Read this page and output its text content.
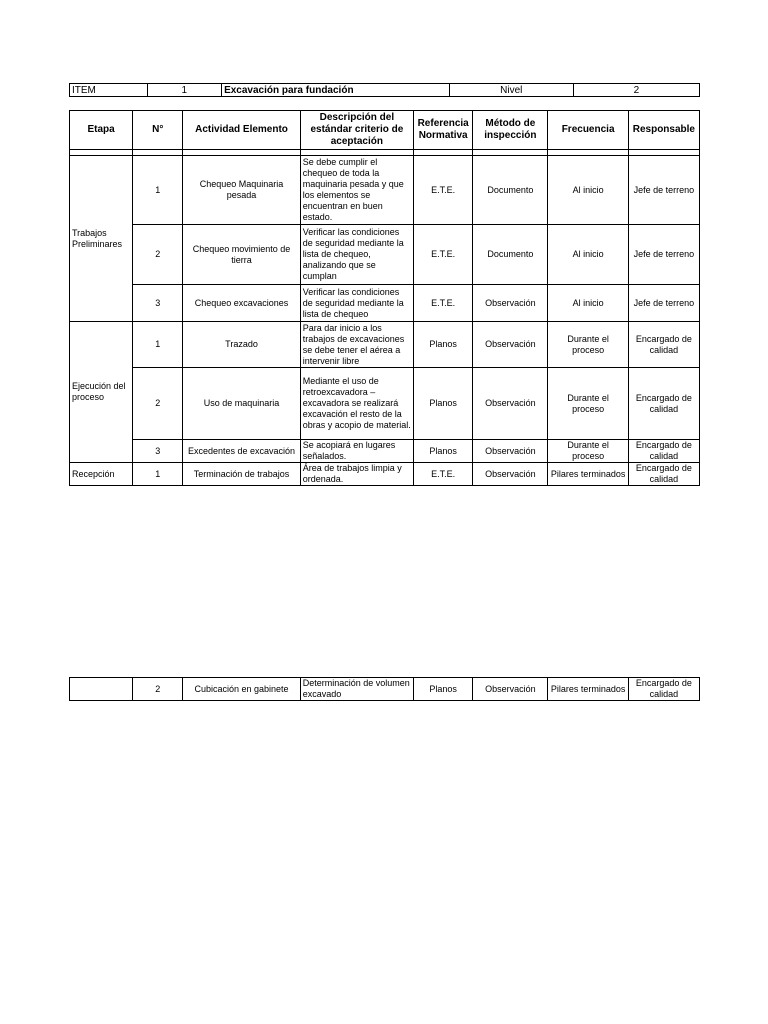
ITEM	1	Excavación para fundación	Nivel	2
Etapa	N°	Actividad Elemento	Descripción del estándar criterio de aceptación	Referencia Normativa	Método de inspección	Frecuencia	Responsable

Trabajos Preliminares	1	Chequeo Maquinaria pesada	Se debe cumplir el chequeo de toda la maquinaria pesada y que los elementos se encuentran en buen estado.	E.T.E.	Documento	Al inicio	Jefe de terreno
	2	Chequeo movimiento de tierra	Verificar las condiciones de seguridad mediante la lista de chequeo, analizando que se cumplan	E.T.E.	Documento	Al inicio	Jefe de terreno
	3	Chequeo excavaciones	Verificar las condiciones de seguridad mediante la lista de chequeo	E.T.E.	Observación	Al inicio	Jefe de terreno
Ejecución del proceso	1	Trazado	Para dar inicio a los trabajos de excavaciones se debe tener el aérea a intervenir libre	Planos	Observación	Durante el proceso	Encargado de calidad
	2	Uso de maquinaria	Mediante el uso de retroexcavadora – excavadora se realizará excavación el resto de la obras y acopio de material.	Planos	Observación	Durante el proceso	Encargado de calidad
	3	Excedentes de excavación	Se acopiará en lugares señalados.	Planos	Observación	Durante el proceso	Encargado de calidad
Recepción	1	Terminación de trabajos	Área de trabajos limpia y ordenada.	E.T.E.	Observación	Pilares terminados	Encargado de calidad
	2	Cubicación en gabinete	Determinación de volumen excavado	Planos	Observación	Pilares terminados	Encargado de calidad
